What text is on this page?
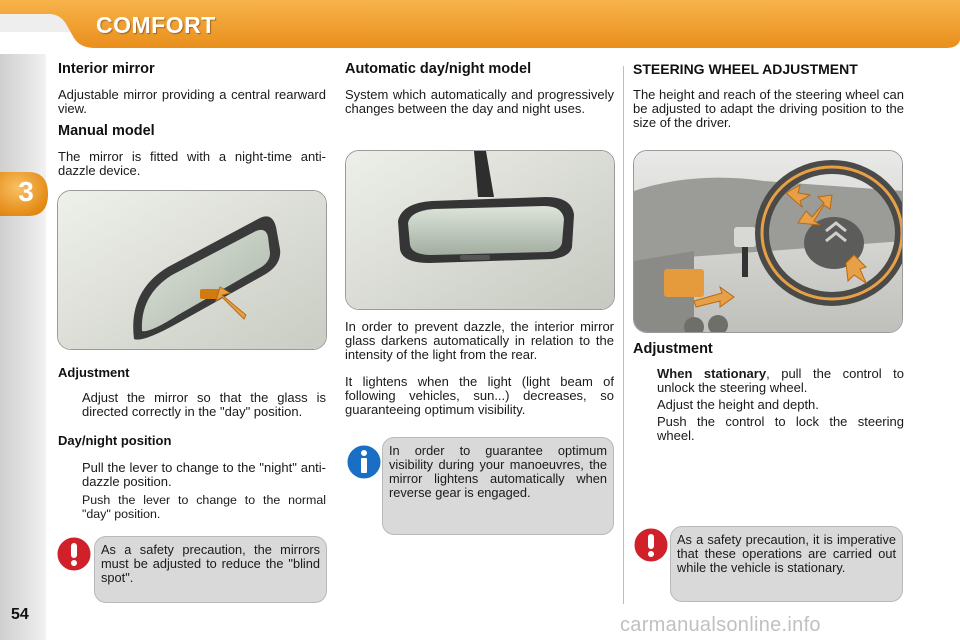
COMFORT
3
54
Interior mirror

Adjustable mirror providing a central rearward view.

Manual model

The mirror is fitted with a night-time anti-dazzle device.

Adjustment
Adjust the mirror so that the glass is directed correctly in the "day" position.
Day/night position
Pull the lever to change to the "night" anti-dazzle position.
Push the lever to change to the normal "day" position.
As a safety precaution, the mirrors must be adjusted to reduce the "blind spot".
Automatic day/night model

System which automatically and progressively changes between the day and night uses.

In order to prevent dazzle, the interior mirror glass darkens automatically in relation to the intensity of the light from the rear.

It lightens when the light (light beam of following vehicles, sun...) decreases, so guaranteeing optimum visibility.

In order to guarantee optimum visibility during your manoeuvres, the mirror lightens automatically when reverse gear is engaged.
STEERING WHEEL ADJUSTMENT

The height and reach of the steering wheel can be adjusted to adapt the driving position to the size of the driver.

Adjustment
When stationary, pull the control to unlock the steering wheel.
Adjust the height and depth.
Push the control to lock the steering wheel.
As a safety precaution, it is imperative that these operations are carried out while the vehicle is stationary.
carmanualsonline.info
